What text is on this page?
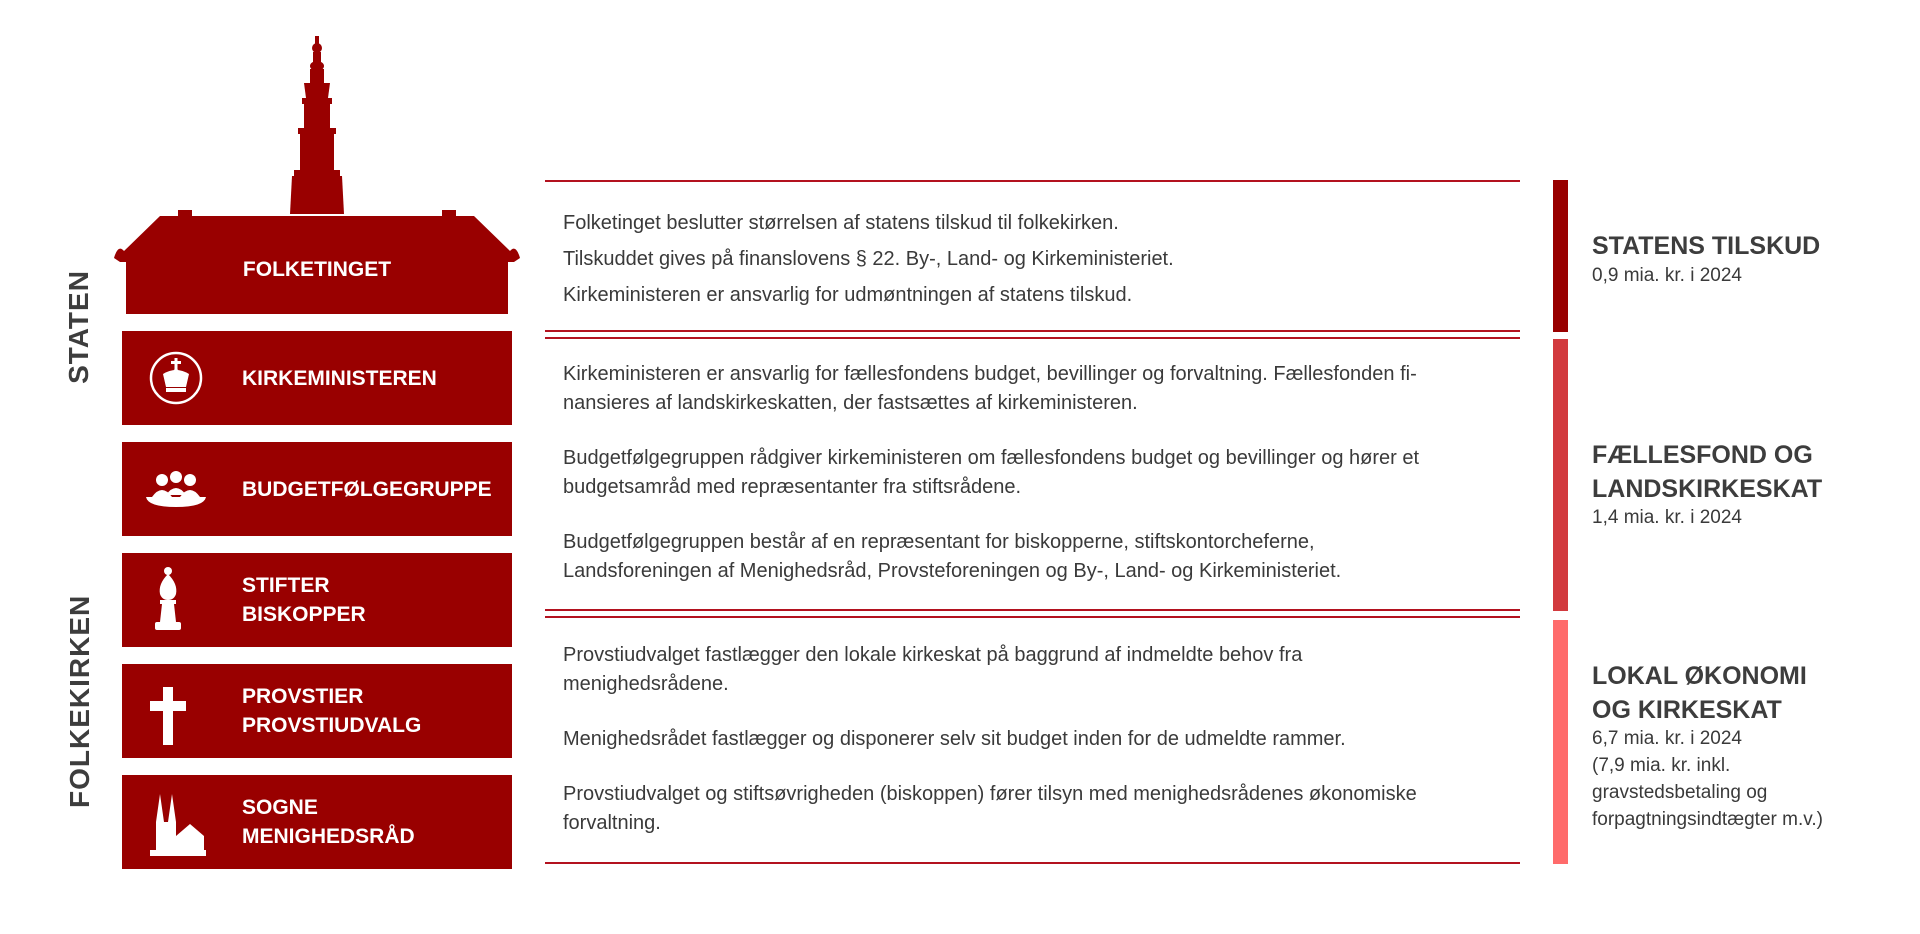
STATEN
FOLKEKIRKEN
FOLKETINGET
KIRKEMINISTEREN
BUDGETFØLGEGRUPPE
STIFTER
BISKOPPER
PROVSTIER
PROVSTIUDVALG
SOGNE
MENIGHEDSRÅD

Folketinget beslutter størrelsen af statens tilskud til folkekirken.

Tilskuddet gives på finanslovens § 22. By-, Land- og Kirkeministeriet.

Kirkeministeren er ansvarlig for udmøntningen af statens tilskud.

Kirkeministeren er ansvarlig for fællesfondens budget, bevillinger og forvaltning. Fællesfonden fi-
nansieres af landskirkeskatten, der fastsættes af kirkeministeren.

Budgetfølgegruppen rådgiver kirkeministeren om fællesfondens budget og bevillinger og hører et
budgetsamråd med repræsentanter fra stiftsrådene.

Budgetfølgegruppen består af en repræsentant for biskopperne, stiftskontorcheferne,
Landsforeningen af Menighedsråd, Provsteforeningen og By-, Land- og Kirkeministeriet.

Provstiudvalget fastlægger den lokale kirkeskat på baggrund af indmeldte behov fra
menighedsrådene.

Menighedsrådet fastlægger og disponerer selv sit budget inden for de udmeldte rammer.

Provstiudvalget og stiftsøvrigheden (biskoppen) fører tilsyn med menighedsrådenes økonomiske
forvaltning.

STATENS TILSKUD
0,9 mia. kr. i 2024
FÆLLESFOND OG
LANDSKIRKESKAT
1,4 mia. kr. i 2024
LOKAL ØKONOMI
OG KIRKESKAT
6,7 mia. kr. i 2024
(7,9 mia. kr. inkl.
gravstedsbetaling og
forpagtningsindtægter m.v.)
